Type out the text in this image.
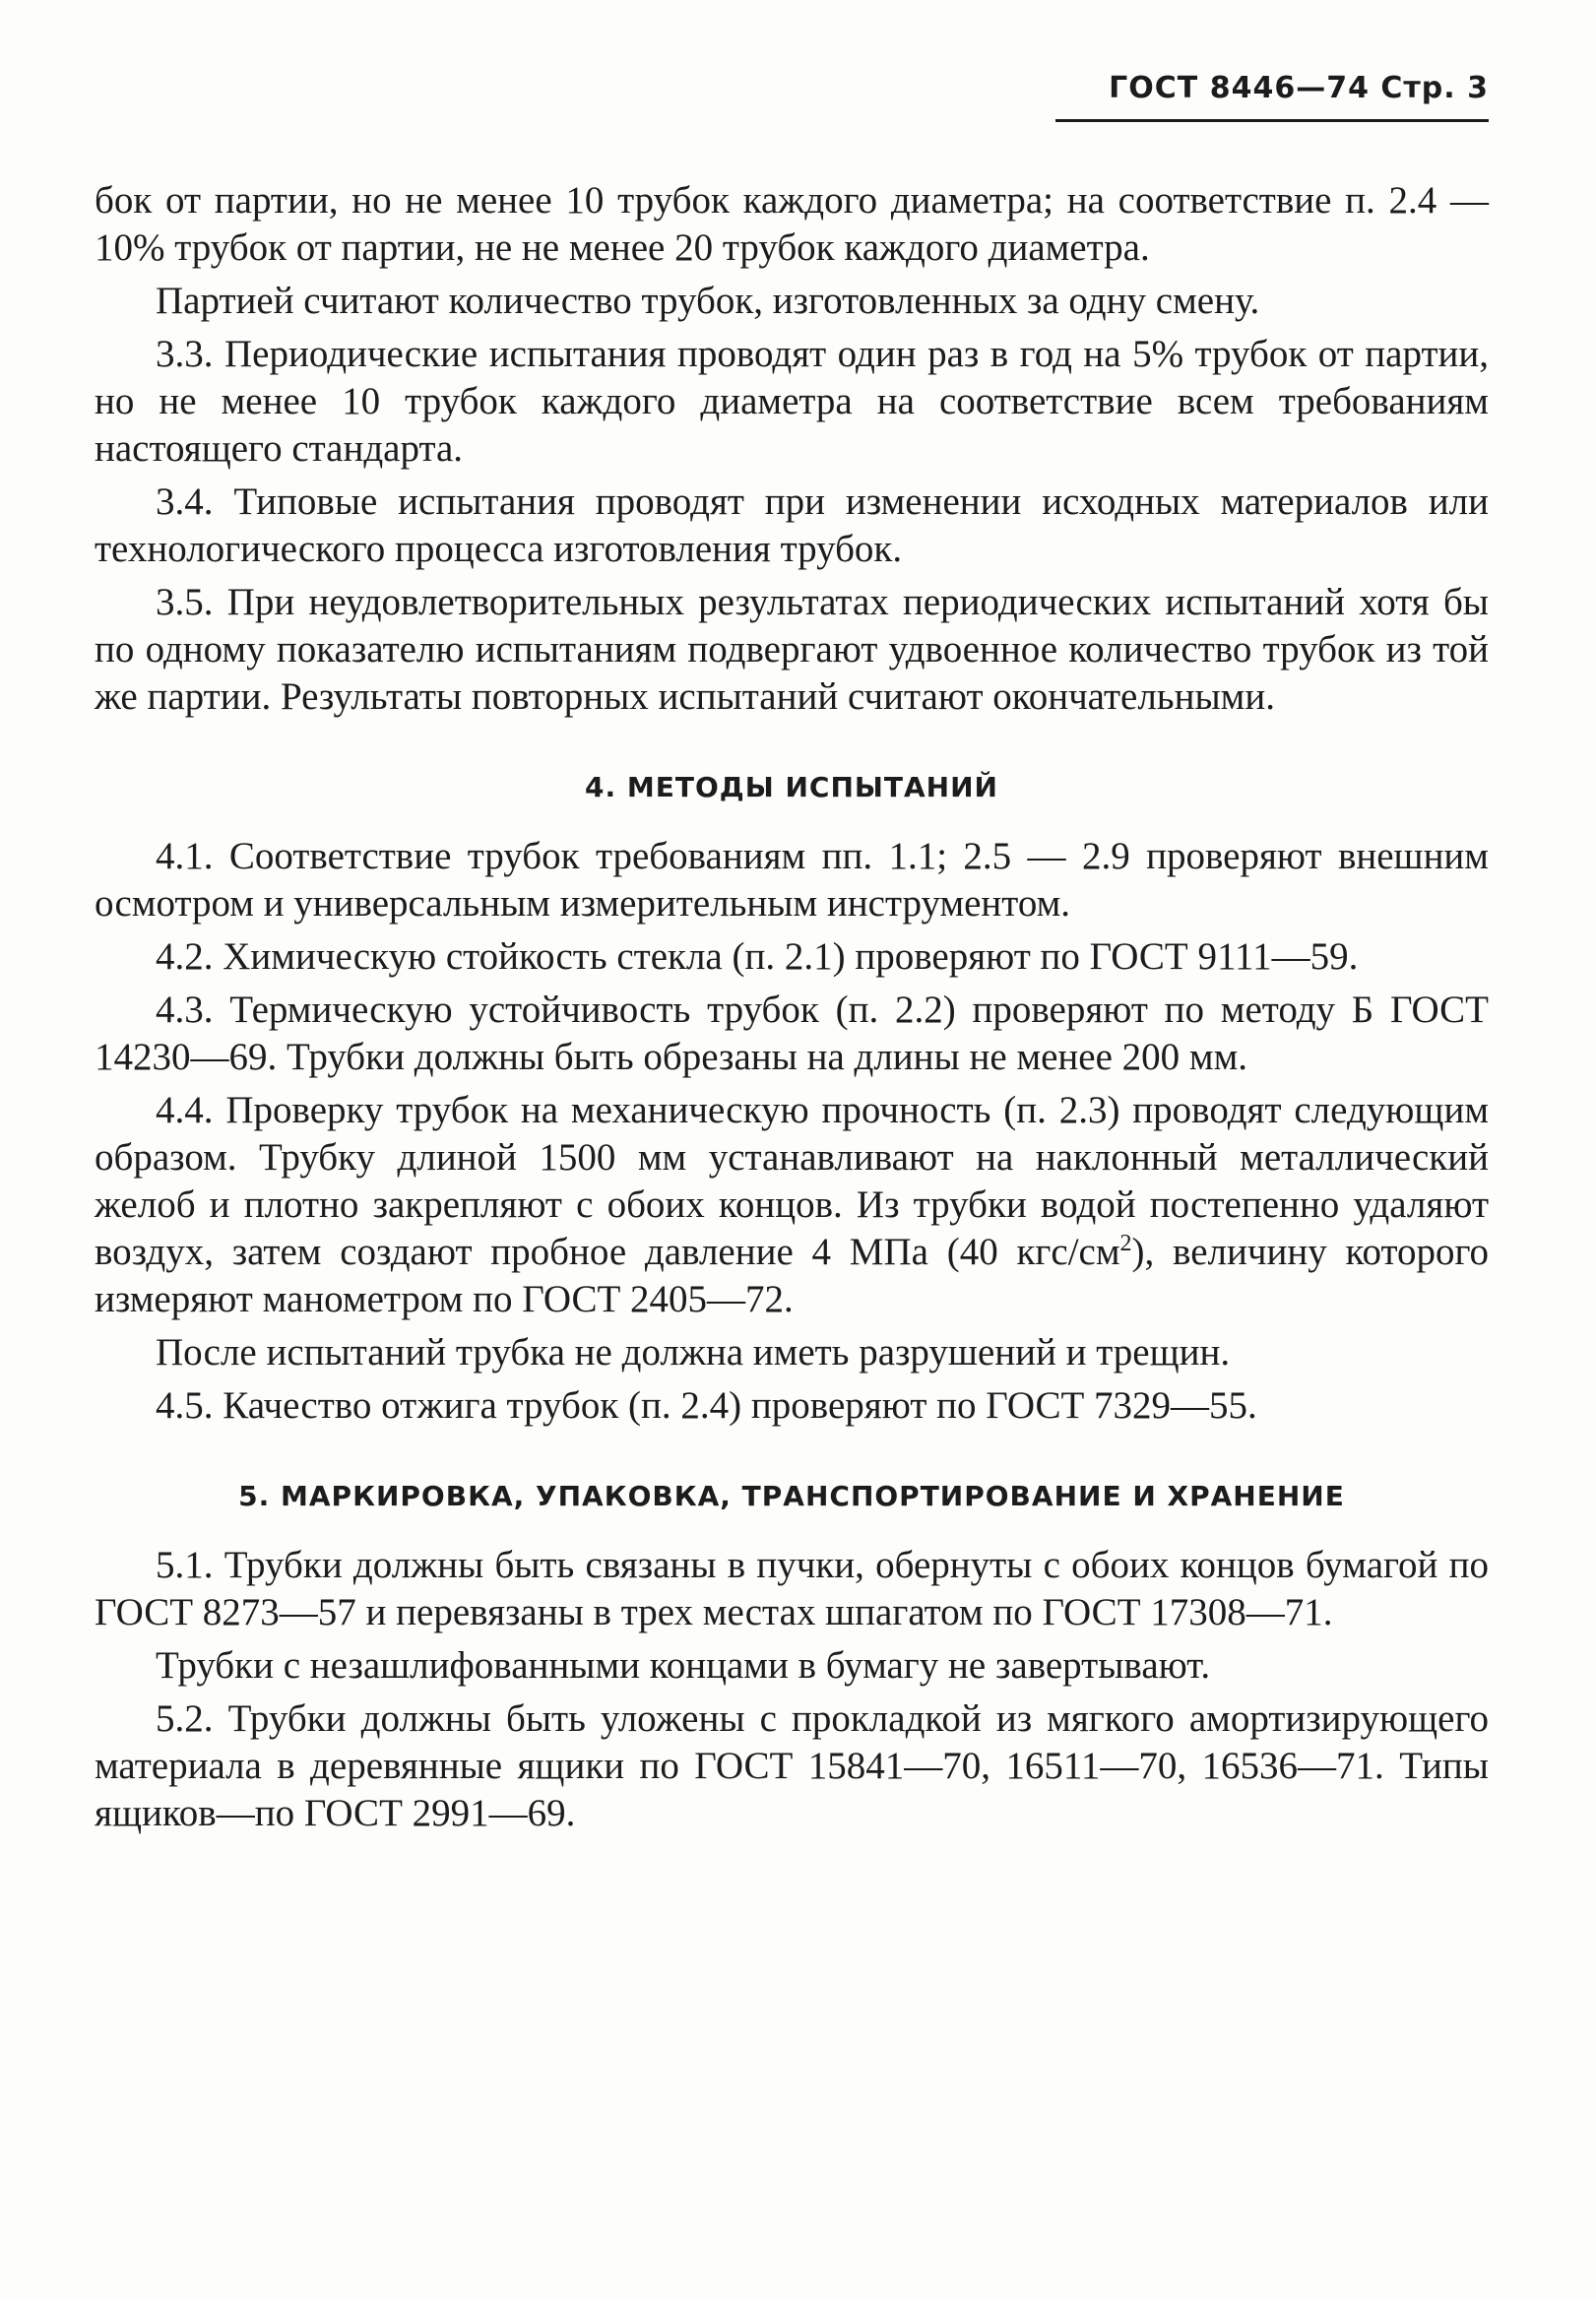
ГОСТ 8446—74 Стр. 3

бок от партии, но не менее 10 трубок каждого диаметра; на соответствие п. 2.4 — 10% трубок от партии, не не менее 20 трубок каждого диаметра.

Партией считают количество трубок, изготовленных за одну смену.

3.3. Периодические испытания проводят один раз в год на 5% трубок от партии, но не менее 10 трубок каждого диаметра на соответствие всем требованиям настоящего стандарта.

3.4. Типовые испытания проводят при изменении исходных материалов или технологического процесса изготовления трубок.

3.5. При неудовлетворительных результатах периодических испытаний хотя бы по одному показателю испытаниям подвергают удвоенное количество трубок из той же партии. Результаты повторных испытаний считают окончательными.

4. МЕТОДЫ ИСПЫТАНИЙ

4.1. Соответствие трубок требованиям пп. 1.1; 2.5 — 2.9 проверяют внешним осмотром и универсальным измерительным инструментом.

4.2. Химическую стойкость стекла (п. 2.1) проверяют по ГОСТ 9111—59.

4.3. Термическую устойчивость трубок (п. 2.2) проверяют по методу Б ГОСТ 14230—69. Трубки должны быть обрезаны на длины не менее 200 мм.

4.4. Проверку трубок на механическую прочность (п. 2.3) проводят следующим образом. Трубку длиной 1500 мм устанавливают на наклонный металлический желоб и плотно закрепляют с обоих концов. Из трубки водой постепенно удаляют воздух, затем создают пробное давление 4 МПа (40 кгс/$см^2$), величину которого измеряют манометром по ГОСТ 2405—72.

После испытаний трубка не должна иметь разрушений и трещин.

4.5. Качество отжига трубок (п. 2.4) проверяют по ГОСТ 7329—55.

5. МАРКИРОВКА, УПАКОВКА, ТРАНСПОРТИРОВАНИЕ И ХРАНЕНИЕ

5.1. Трубки должны быть связаны в пучки, обернуты с обоих концов бумагой по ГОСТ 8273—57 и перевязаны в трех местах шпагатом по ГОСТ 17308—71.

Трубки с незашлифованными концами в бумагу не завертывают.

5.2. Трубки должны быть уложены с прокладкой из мягкого амортизирующего материала в деревянные ящики по ГОСТ 15841—70, 16511—70, 16536—71. Типы ящиков—по ГОСТ 2991—69.
